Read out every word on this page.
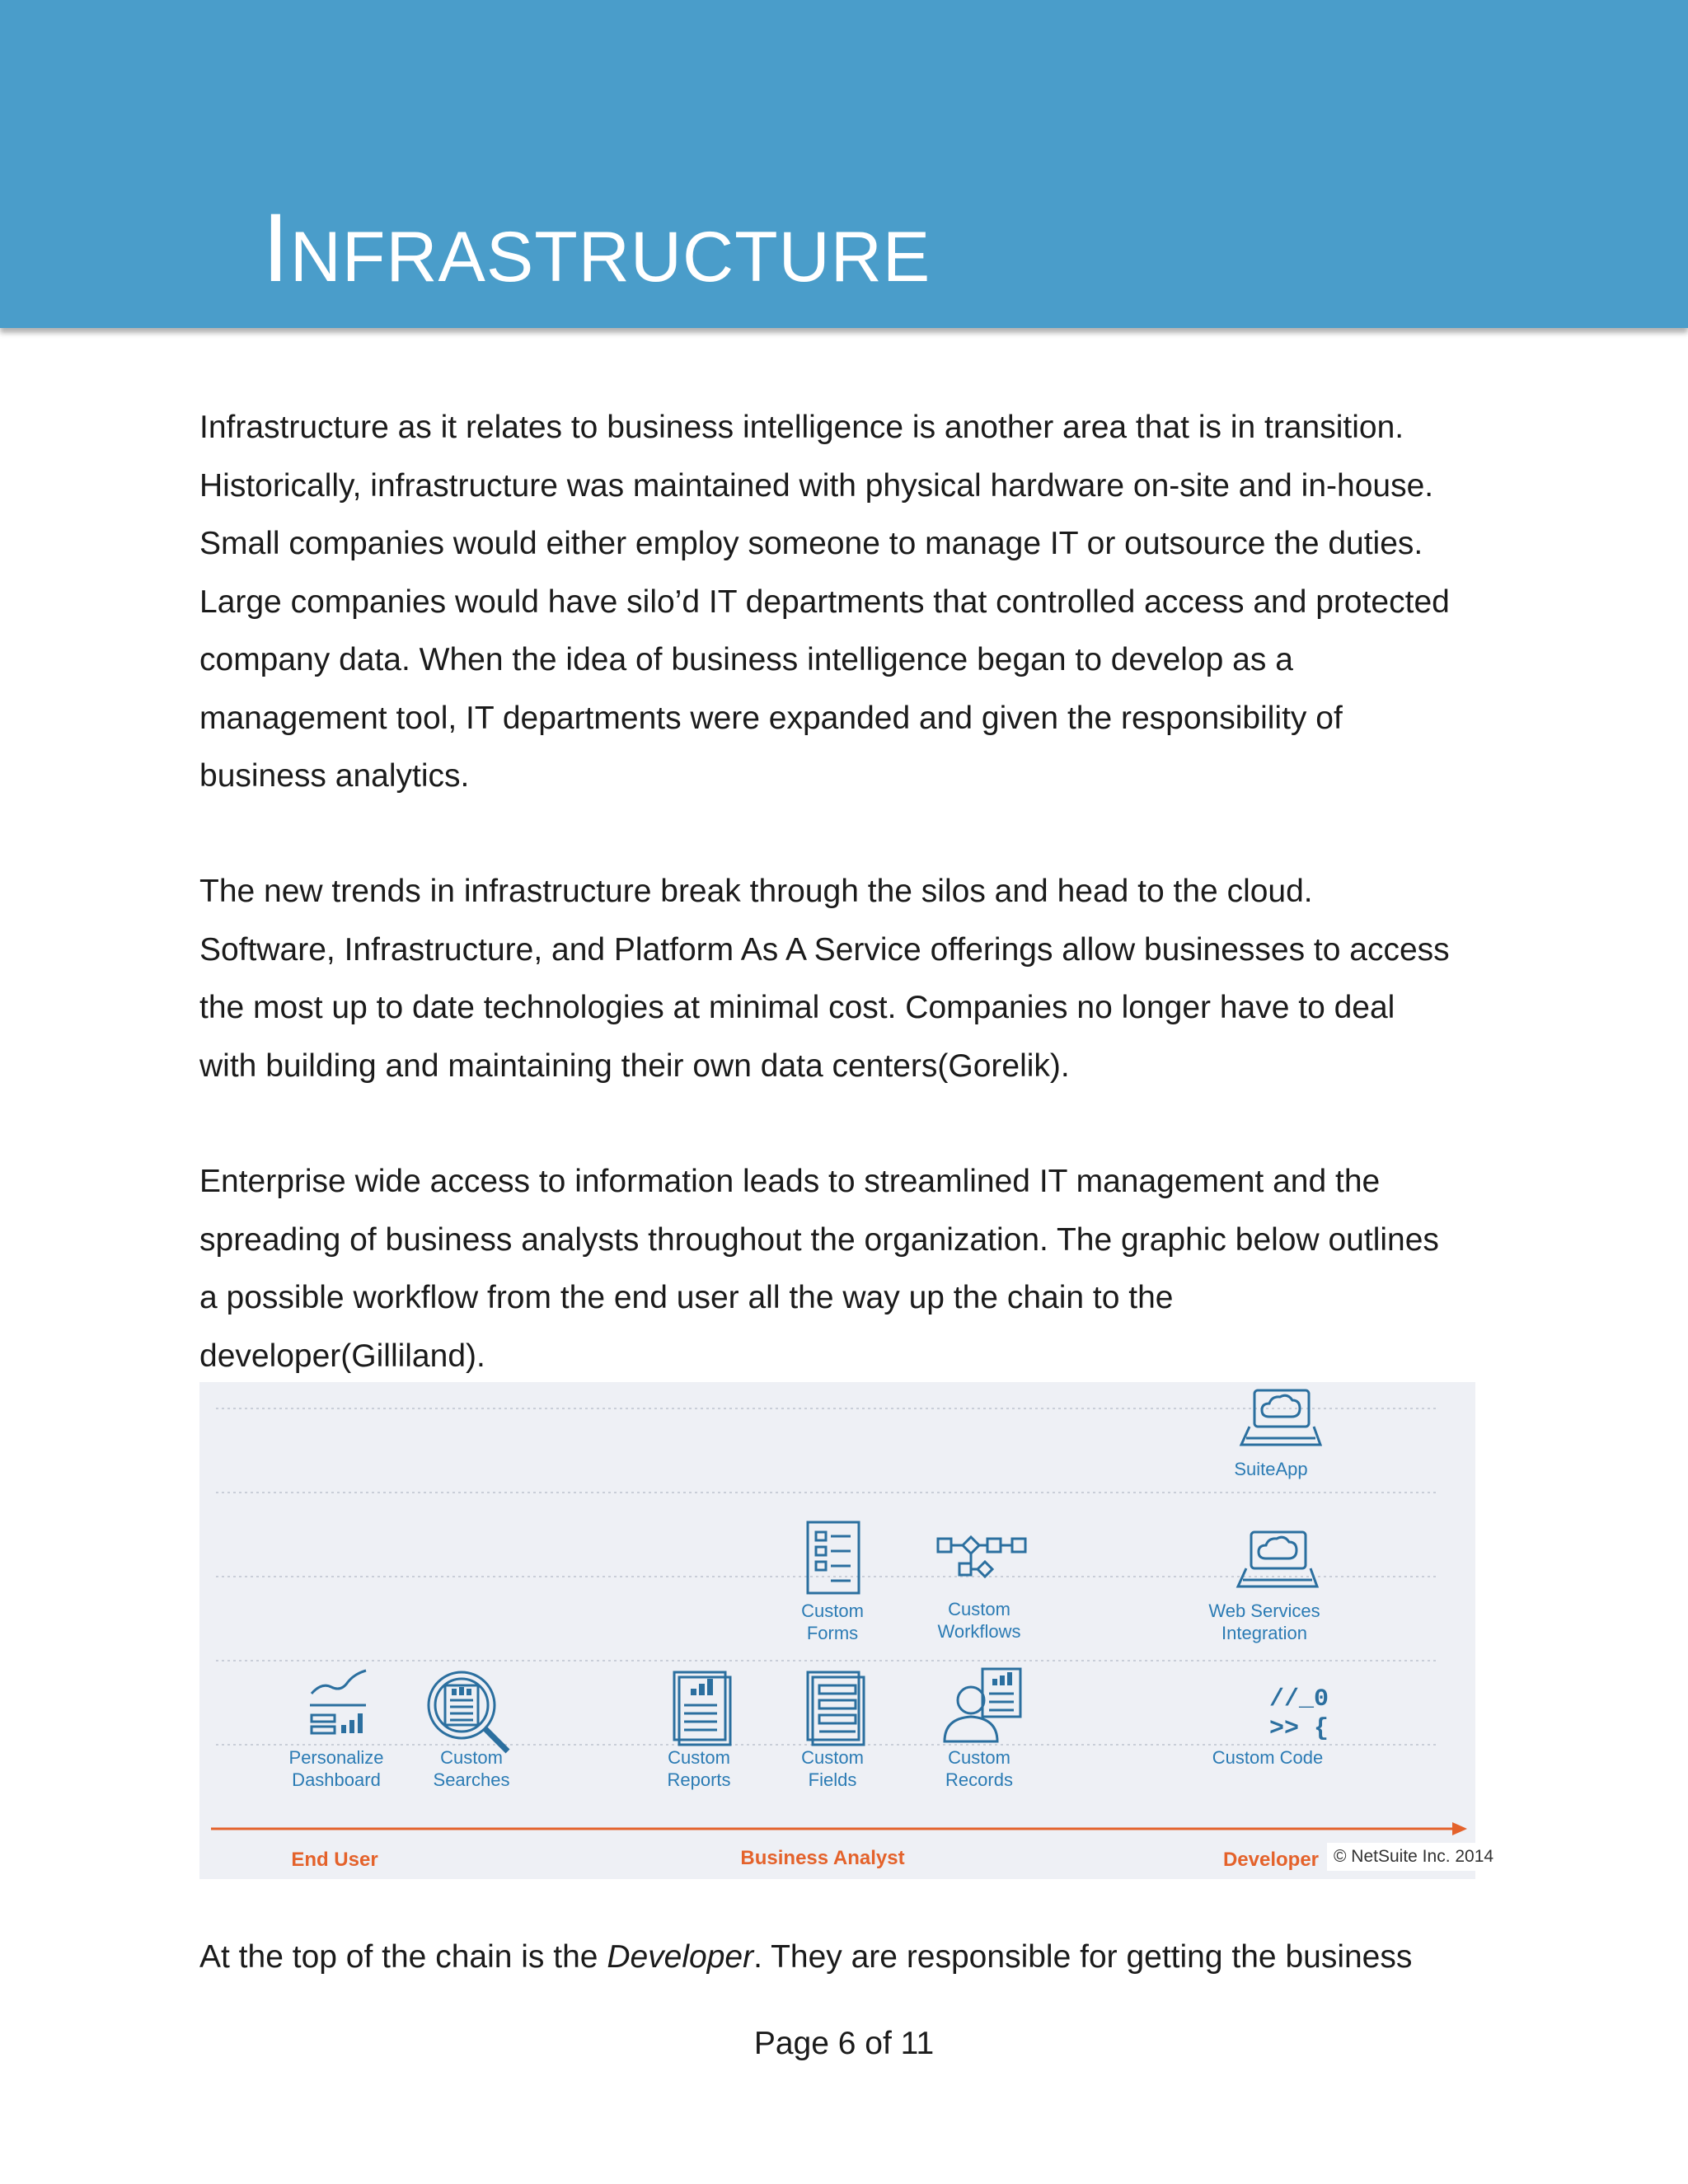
INFRASTRUCTURE

Infrastructure as it relates to business intelligence is another area that is in transition.
Historically, infrastructure was maintained with physical hardware on-site and in-house.
Small companies would either employ someone to manage IT or outsource the duties.
Large companies would have silo’d IT departments that controlled access and protected
company data. When the idea of business intelligence began to develop as a
management tool, IT departments were expanded and given the responsibility of
business analytics.

The new trends in infrastructure break through the silos and head to the cloud.
Software, Infrastructure, and Platform As A Service offerings allow businesses to access
the most up to date technologies at minimal cost. Companies no longer have to deal
with building and maintaining their own data centers(Gorelik).

Enterprise wide access to information leads to streamlined IT management and the
spreading of business analysts throughout the organization. The graphic below outlines
a possible workflow from the end user all the way up the chain to the
developer(Gilliland).

//_0
>> {
SuiteApp
Custom
Forms
Custom
Workflows
Web Services
Integration
Personalize
Dashboard
Custom
Searches
Custom
Reports
Custom
Fields
Custom
Records
Custom Code
End User	Business Analyst	Developer © NetSuite Inc. 2014

At the top of the chain is the Developer. They are responsible for getting the business

Page 6 of 11
